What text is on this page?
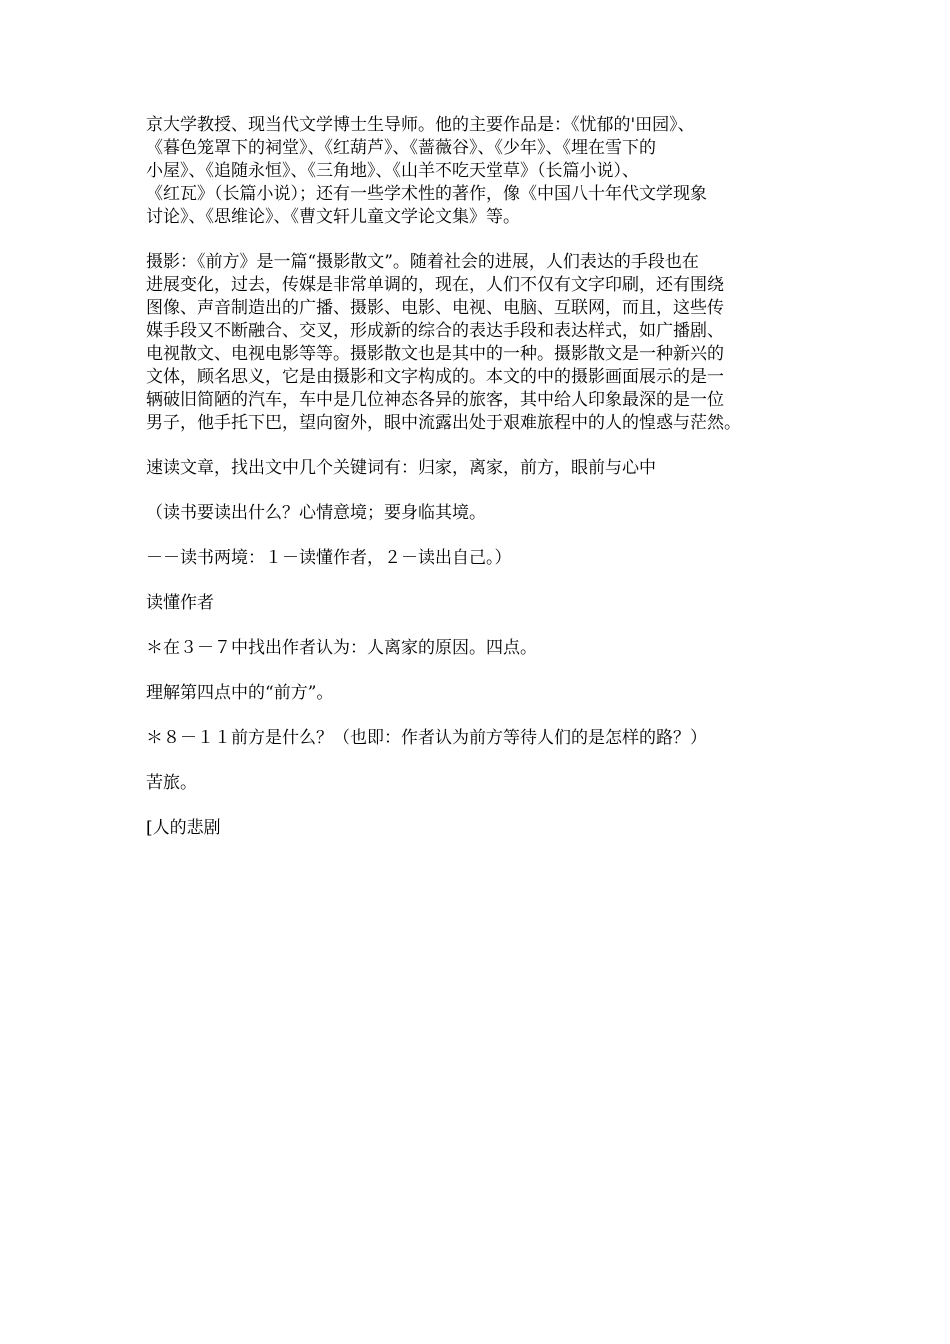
京大学教授、现当代文学博士生导师。他的主要作品是：《忧郁的'田园》、
《暮色笼罩下的祠堂》、《红葫芦》、《蔷薇谷》、《少年》、《埋在雪下的
小屋》、《追随永恒》、《三角地》、《山羊不吃天堂草》（长篇小说）、
《红瓦》（长篇小说）；还有一些学术性的著作，像《中国八十年代文学现象
讨论》、《思维论》、《曹文轩儿童文学论文集》等。

摄影：《前方》是一篇“摄影散文”。随着社会的进展，人们表达的手段也在
进展变化，过去，传媒是非常单调的，现在，人们不仅有文字印刷，还有围绕
图像、声音制造出的广播、摄影、电影、电视、电脑、互联网，而且，这些传
媒手段又不断融合、交叉，形成新的综合的表达手段和表达样式，如广播剧、
电视散文、电视电影等等。摄影散文也是其中的一种。摄影散文是一种新兴的
文体，顾名思义，它是由摄影和文字构成的。本文的中的摄影画面展示的是一
辆破旧简陋的汽车，车中是几位神态各异的旅客，其中给人印象最深的是一位
男子，他手托下巴，望向窗外，眼中流露出处于艰难旅程中的人的惶惑与茫然。

速读文章，找出文中几个关键词有：归家，离家，前方，眼前与心中

（读书要读出什么？心情意境；要身临其境。

－－读书两境：１－读懂作者，２－读出自己。）

读懂作者

＊在３－７中找出作者认为：人离家的原因。四点。

理解第四点中的“前方”。

＊８－１１前方是什么？（也即：作者认为前方等待人们的是怎样的路？）

苦旅。

[人的悲剧
